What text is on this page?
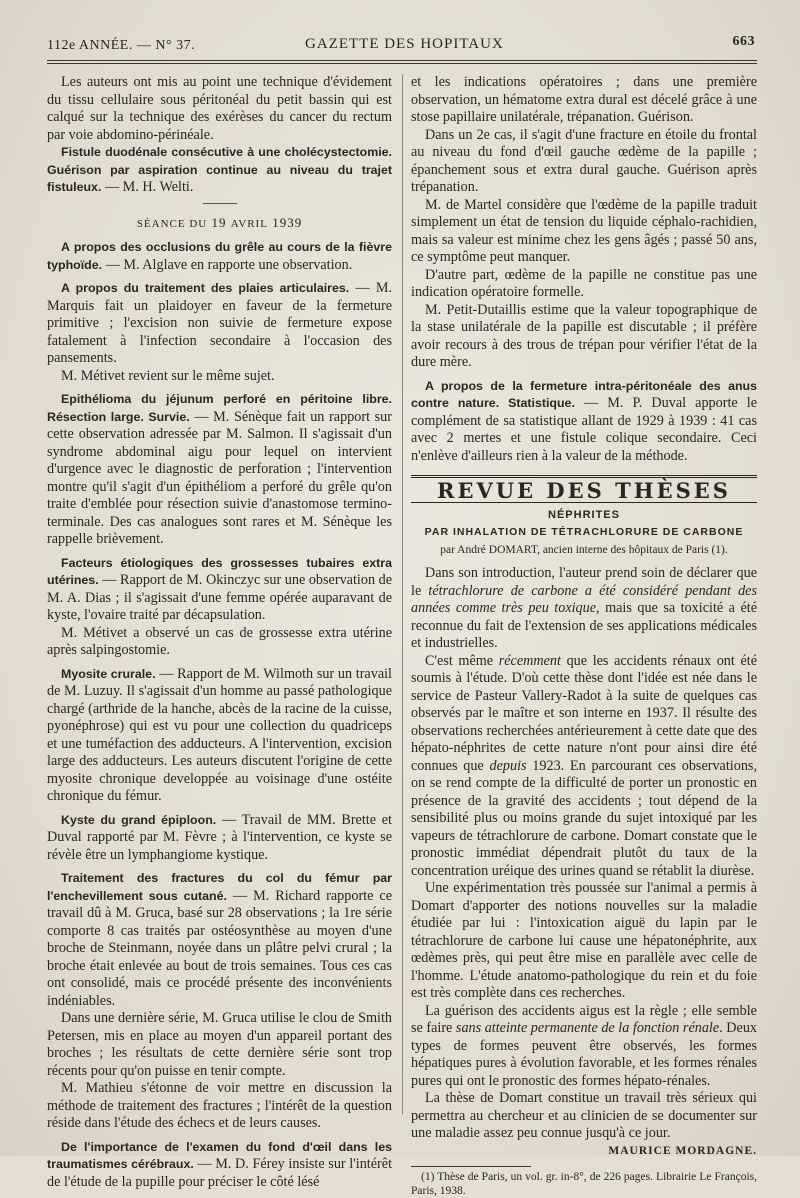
112e ANNÉE. — N° 37.	GAZETTE DES HOPITAUX	663

Les auteurs ont mis au point une technique d'évidement du tissu cellulaire sous péritonéal du petit bassin qui est calqué sur la technique des exérèses du cancer du rectum par voie abdomino-périnéale.

Fistule duodénale consécutive à une cholécystectomie. Guérison par aspiration continue au niveau du trajet fistuleux. — M. H. Welti.

SÉANCE DU 19 AVRIL 1939

A propos des occlusions du grêle au cours de la fièvre typhoïde. — M. Alglave en rapporte une observation.

A propos du traitement des plaies articulaires. — M. Marquis fait un plaidoyer en faveur de la fermeture primitive ; l'excision non suivie de fermeture expose fatalement à l'infection secondaire à l'occasion des pansements.

M. Métivet revient sur le même sujet.

Epithélioma du jéjunum perforé en péritoine libre. Résection large. Survie. — M. Sénèque fait un rapport sur cette observation adressée par M. Salmon. Il s'agissait d'un syndrome abdominal aigu pour lequel on intervient d'urgence avec le diagnostic de perforation ; l'intervention montre qu'il s'agit d'un épithéliom a perforé du grêle qu'on traite d'emblée pour résection suivie d'anastomose termino-terminale. Des cas analogues sont rares et M. Sénèque les rappelle brièvement.

Facteurs étiologiques des grossesses tubaires extra utérines. — Rapport de M. Okinczyc sur une observation de M. A. Dias ; il s'agissait d'une femme opérée auparavant de kyste, l'ovaire traité par décapsulation.

M. Métivet a observé un cas de grossesse extra utérine après salpingostomie.

Myosite crurale. — Rapport de M. Wilmoth sur un travail de M. Luzuy. Il s'agissait d'un homme au passé pathologique chargé (arthride de la hanche, abcès de la racine de la cuisse, pyonéphrose) qui est vu pour une collection du quadriceps et une tuméfaction des adducteurs. A l'intervention, excision large des adducteurs. Les auteurs discutent l'origine de cette myosite chronique developpée au voisinage d'une ostéite chronique du fémur.

Kyste du grand épiploon. — Travail de MM. Brette et Duval rapporté par M. Fèvre ; à l'intervention, ce kyste se révèle être un lymphangiome kystique.

Traitement des fractures du col du fémur par l'enchevillement sous cutané. — M. Richard rapporte ce travail dû à M. Gruca, basé sur 28 observations ; la 1re série comporte 8 cas traités par ostéosynthèse au moyen d'une broche de Steinmann, noyée dans un plâtre pelvi crural ; la broche était enlevée au bout de trois semaines. Tous ces cas ont consolidé, mais ce procédé présente des inconvénients indéniables.

Dans une dernière série, M. Gruca utilise le clou de Smith Petersen, mis en place au moyen d'un appareil portant des broches ; les résultats de cette dernière série sont trop récents pour qu'on puisse en tenir compte.

M. Mathieu s'étonne de voir mettre en discussion la méthode de traitement des fractures ; l'intérêt de la question réside dans l'étude des échecs et de leurs causes.

De l'importance de l'examen du fond d'œil dans les traumatismes cérébraux. — M. D. Férey insiste sur l'intérêt de l'étude de la pupille pour préciser le côté lésé

et les indications opératoires ; dans une première observation, un hématome extra dural est décelé grâce à une stose papillaire unilatérale, trépanation. Guérison.

Dans un 2e cas, il s'agit d'une fracture en étoile du frontal au niveau du fond d'œil gauche œdème de la papille ; épanchement sous et extra dural gauche. Guérison après trépanation.

M. de Martel considère que l'œdème de la papille traduit simplement un état de tension du liquide céphalo-rachidien, mais sa valeur est minime chez les gens âgés ; passé 50 ans, ce symptôme peut manquer.

D'autre part, œdème de la papille ne constitue pas une indication opératoire formelle.

M. Petit-Dutaillis estime que la valeur topographique de la stase unilatérale de la papille est discutable ; il préfère avoir recours à des trous de trépan pour vérifier l'état de la dure mère.

A propos de la fermeture intra-péritonéale des anus contre nature. Statistique. — M. P. Duval apporte le complément de sa statistique allant de 1929 à 1939 : 41 cas avec 2 mertes et une fistule colique secondaire. Ceci n'enlève d'ailleurs rien à la valeur de la méthode.

REVUE DES THÈSES

NÉPHRITES

PAR INHALATION DE TÉTRACHLORURE DE CARBONE

par André DOMART, ancien interne des hôpitaux de Paris (1).

Dans son introduction, l'auteur prend soin de déclarer que le tétrachlorure de carbone a été considéré pendant des années comme très peu toxique, mais que sa toxicité a été reconnue du fait de l'extension de ses applications médicales et industrielles.

C'est même récemment que les accidents rénaux ont été soumis à l'étude. D'où cette thèse dont l'idée est née dans le service de Pasteur Vallery-Radot à la suite de quelques cas observés par le maître et son interne en 1937. Il résulte des observations recherchées antérieurement à cette date que des hépato-néphrites de cette nature n'ont pour ainsi dire été connues que depuis 1923. En parcourant ces observations, on se rend compte de la difficulté de porter un pronostic en présence de la gravité des accidents ; tout dépend de la sensibilité plus ou moins grande du sujet intoxiqué par les vapeurs de tétrachlorure de carbone. Domart constate que le pronostic immédiat dépendrait plutôt du taux de la concentration uréique des urines quand se rétablit la diurèse.

Une expérimentation très poussée sur l'animal a permis à Domart d'apporter des notions nouvelles sur la maladie étudiée par lui : l'intoxication aiguë du lapin par le tétrachlorure de carbone lui cause une hépatonéphrite, aux œdèmes près, qui peut être mise en parallèle avec celle de l'homme. L'étude anatomo-pathologique du rein et du foie est très complète dans ces recherches.

La guérison des accidents aigus est la règle ; elle semble se faire sans atteinte permanente de la fonction rénale. Deux types de formes peuvent être observés, les formes hépatiques pures à évolution favorable, et les formes rénales pures qui ont le pronostic des formes hépato-rénales.

La thèse de Domart constitue un travail très sérieux qui permettra au chercheur et au clinicien de se documenter sur une maladie assez peu connue jusqu'à ce jour.

MAURICE MORDAGNE.

(1) Thèse de Paris, un vol. gr. in-8°, de 226 pages. Librairie Le François, Paris, 1938.
